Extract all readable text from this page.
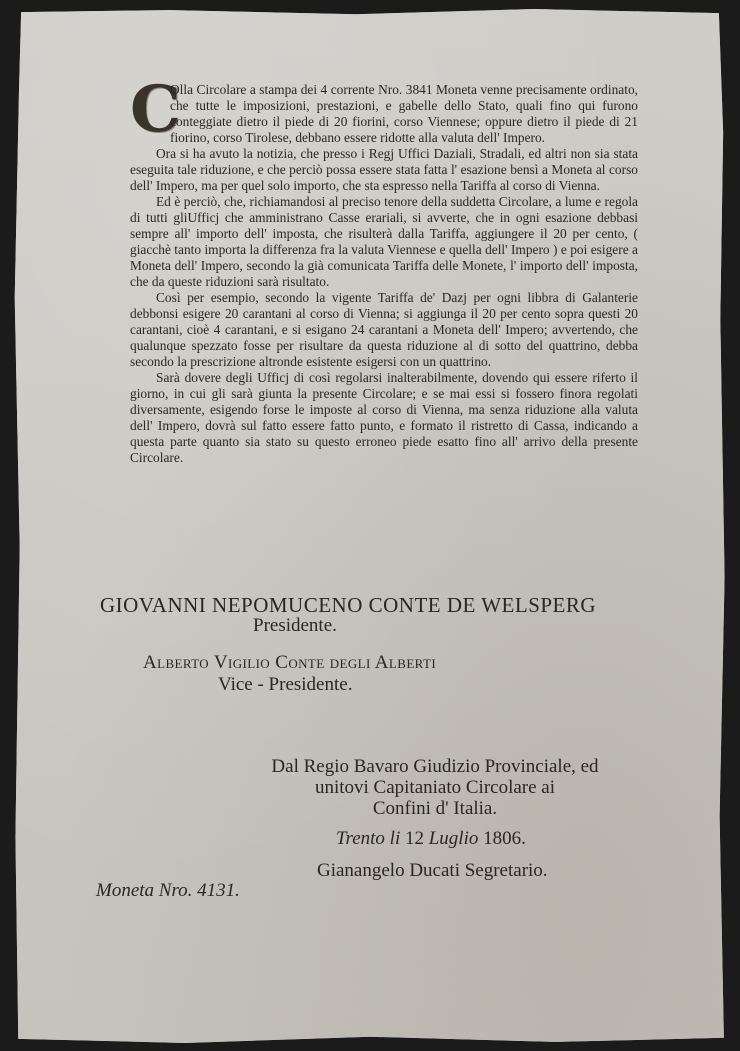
C

Olla Circolare a stampa dei 4 corrente Nro. 3841 Moneta venne precisamente ordinato, che tutte le imposizioni, prestazioni, e gabelle dello Stato, quali fino qui furono conteggiate dietro il piede di 20 fiorini, corso Viennese; oppure dietro il piede di 21 fiorino, corso Tirolese, debbano essere ridotte alla valuta dell' Impero.

Ora si ha avuto la notizia, che presso i Regj Uffici Daziali, Stradali, ed altri non sia stata eseguita tale riduzione, e che perciò possa essere stata fatta l' esazione bensì a Moneta al corso dell' Impero, ma per quel solo importo, che sta espresso nella Tariffa al corso di Vienna.

Ed è perciò, che, richiamandosi al preciso tenore della suddetta Circolare, a lume e regola di tutti gliUfficj che amministrano Casse erariali, si avverte, che in ogni esazione debbasi sempre all' importo dell' imposta, che risulterà dalla Tariffa, aggiungere il 20 per cento, ( giacchè tanto importa la differenza fra la valuta Viennese e quella dell' Impero ) e poi esigere a Moneta dell' Impero, secondo la già comunicata Tariffa delle Monete, l' importo dell' imposta, che da queste riduzioni sarà risultato.

Così per esempio, secondo la vigente Tariffa de' Dazj per ogni libbra di Galanterie debbonsi esigere 20 carantani al corso di Vienna; si aggiunga il 20 per cento sopra questi 20 carantani, cioè 4 carantani, e si esigano 24 carantani a Moneta dell' Impero; avvertendo, che qualunque spezzato fosse per risultare da questa riduzione al di sotto del quattrino, debba secondo la prescrizione altronde esistente esigersi con un quattrino.

Sarà dovere degli Ufficj di così regolarsi inalterabilmente, dovendo qui essere riferto il giorno, in cui gli sarà giunta la presente Circolare; e se mai essi si fossero finora regolati diversamente, esigendo forse le imposte al corso di Vienna, ma senza riduzione alla valuta dell' Impero, dovrà sul fatto essere fatto punto, e formato il ristretto di Cassa, indicando a questa parte quanto sia stato su questo erroneo piede esatto fino all' arrivo della presente Circolare.

GIOVANNI NEPOMUCENO CONTE DE WELSPERG
Presidente.
Alberto Vigilio Conte degli Alberti
Vice - Presidente.
Dal Regio Bavaro Giudizio Provinciale, ed
unitovi Capitaniato Circolare ai
Confini d' Italia.
Trento li 12 Luglio 1806.
Gianangelo Ducati Segretario.
Moneta Nro. 4131.
